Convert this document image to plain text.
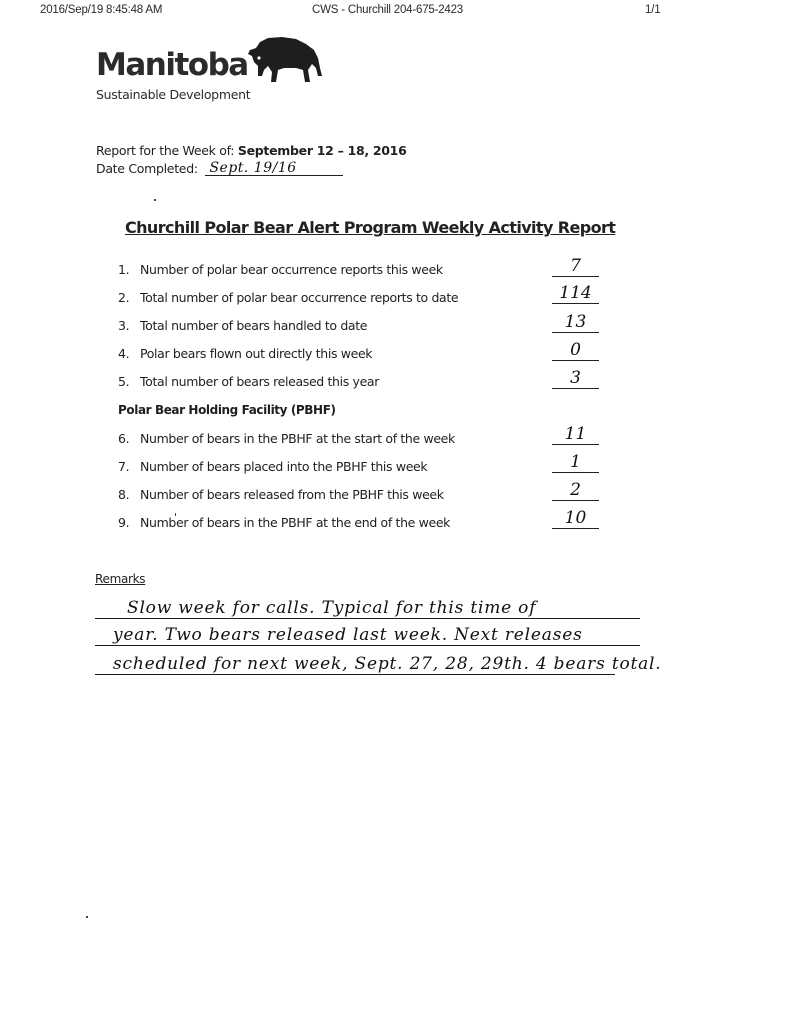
2016/Sep/19 8:45:48 AM	CWS - Churchill 204-675-2423	1/1
Manitoba
Sustainable Development
Report for the Week of: September 12 – 18, 2016
Date Completed: Sept. 19/16
Churchill Polar Bear Alert Program Weekly Activity Report
1. Number of polar bear occurrence reports this week	7
2. Total number of polar bear occurrence reports to date	114
3. Total number of bears handled to date	13
4. Polar bears flown out directly this week	0
5. Total number of bears released this year	3
Polar Bear Holding Facility (PBHF)
6. Number of bears in the PBHF at the start of the week	11
7. Number of bears placed into the PBHF this week	1
8. Number of bears released from the PBHF this week	2
9. Number of bears in the PBHF at the end of the week	10
Remarks
Slow week for calls. Typical for this time of
year. Two bears released last week. Next releases
scheduled for next week, Sept. 27, 28, 29th. 4 bears total.
